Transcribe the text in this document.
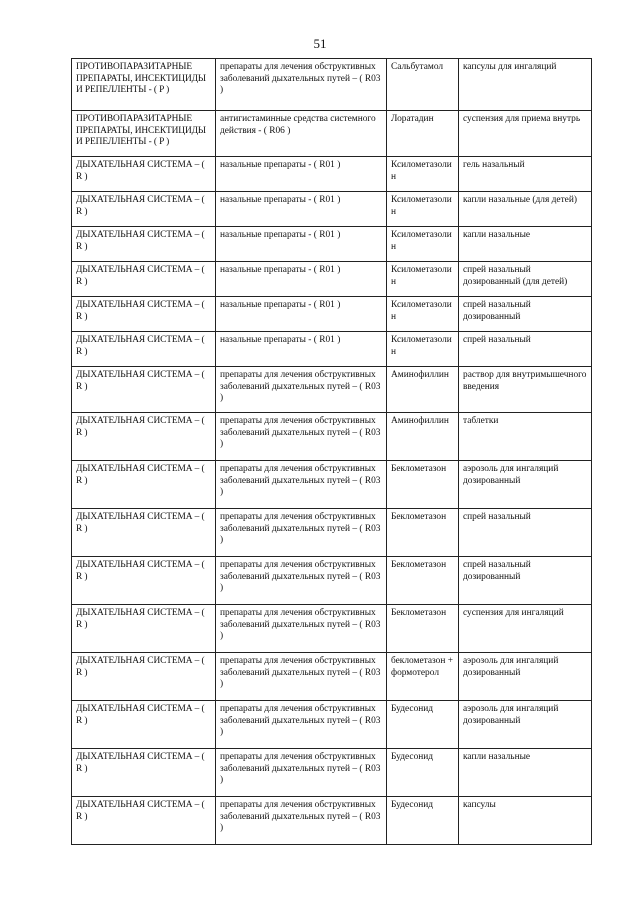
51
ПРОТИВОПАРАЗИТАРНЫЕ ПРЕПАРАТЫ, ИНСЕКТИЦИДЫ И РЕПЕЛЛЕНТЫ - ( P )	препараты для лечения обструктивных заболеваний дыхательных путей – ( R03 )	Сальбутамол	капсулы для ингаляций
ПРОТИВОПАРАЗИТАРНЫЕ ПРЕПАРАТЫ, ИНСЕКТИЦИДЫ И РЕПЕЛЛЕНТЫ - ( P )	антигистаминные средства системного действия - ( R06 )	Лоратадин	суспензия для приема внутрь
ДЫХАТЕЛЬНАЯ СИСТЕМА – ( R )	назальные препараты - ( R01 )	Ксилометазолин	гель назальный
ДЫХАТЕЛЬНАЯ СИСТЕМА – ( R )	назальные препараты - ( R01 )	Ксилометазолин	капли назальные (для детей)
ДЫХАТЕЛЬНАЯ СИСТЕМА – ( R )	назальные препараты - ( R01 )	Ксилометазолин	капли назальные
ДЫХАТЕЛЬНАЯ СИСТЕМА – ( R )	назальные препараты - ( R01 )	Ксилометазолин	спрей назальный дозированный (для детей)
ДЫХАТЕЛЬНАЯ СИСТЕМА – ( R )	назальные препараты - ( R01 )	Ксилометазолин	спрей назальный дозированный
ДЫХАТЕЛЬНАЯ СИСТЕМА – ( R )	назальные препараты - ( R01 )	Ксилометазолин	спрей назальный
ДЫХАТЕЛЬНАЯ СИСТЕМА – ( R )	препараты для лечения обструктивных заболеваний дыхательных путей – ( R03 )	Аминофиллин	раствор для внутримышечного введения
ДЫХАТЕЛЬНАЯ СИСТЕМА – ( R )	препараты для лечения обструктивных заболеваний дыхательных путей – ( R03 )	Аминофиллин	таблетки
ДЫХАТЕЛЬНАЯ СИСТЕМА – ( R )	препараты для лечения обструктивных заболеваний дыхательных путей – ( R03 )	Беклометазон	аэрозоль для ингаляций дозированный
ДЫХАТЕЛЬНАЯ СИСТЕМА – ( R )	препараты для лечения обструктивных заболеваний дыхательных путей – ( R03 )	Беклометазон	спрей назальный
ДЫХАТЕЛЬНАЯ СИСТЕМА – ( R )	препараты для лечения обструктивных заболеваний дыхательных путей – ( R03 )	Беклометазон	спрей назальный дозированный
ДЫХАТЕЛЬНАЯ СИСТЕМА – ( R )	препараты для лечения обструктивных заболеваний дыхательных путей – ( R03 )	Беклометазон	суспензия для ингаляций
ДЫХАТЕЛЬНАЯ СИСТЕМА – ( R )	препараты для лечения обструктивных заболеваний дыхательных путей – ( R03 )	беклометазон + формотерол	аэрозоль для ингаляций дозированный
ДЫХАТЕЛЬНАЯ СИСТЕМА – ( R )	препараты для лечения обструктивных заболеваний дыхательных путей – ( R03 )	Будесонид	аэрозоль для ингаляций дозированный
ДЫХАТЕЛЬНАЯ СИСТЕМА – ( R )	препараты для лечения обструктивных заболеваний дыхательных путей – ( R03 )	Будесонид	капли назальные
ДЫХАТЕЛЬНАЯ СИСТЕМА – ( R )	препараты для лечения обструктивных заболеваний дыхательных путей – ( R03 )	Будесонид	капсулы
